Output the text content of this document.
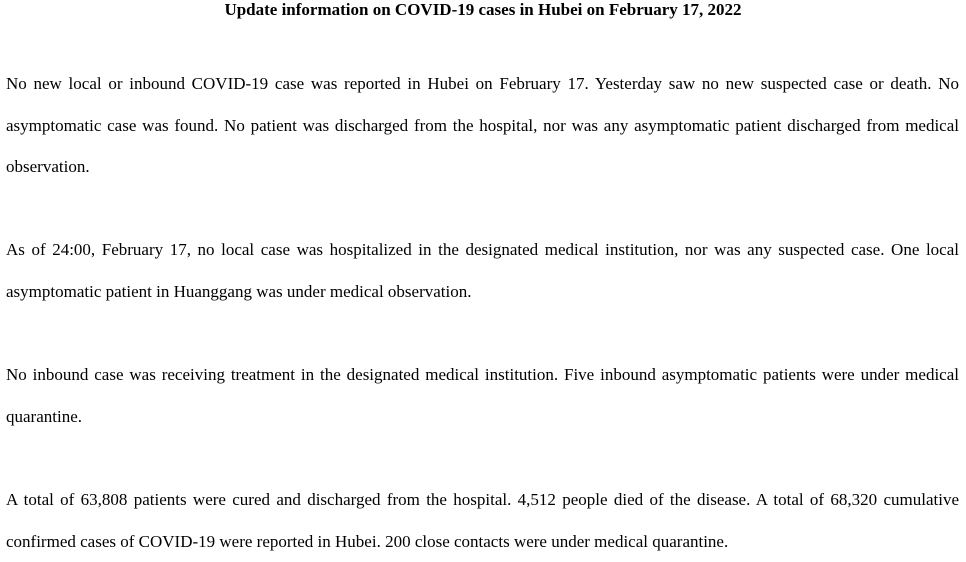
Update information on COVID-19 cases in Hubei on February 17, 2022

No new local or inbound COVID-19 case was reported in Hubei on February 17. Yesterday saw no new suspected case or death. No asymptomatic case was found. No patient was discharged from the hospital, nor was any asymptomatic patient discharged from medical observation.

As of 24:00, February 17, no local case was hospitalized in the designated medical institution, nor was any suspected case. One local asymptomatic patient in Huanggang was under medical observation.

No inbound case was receiving treatment in the designated medical institution. Five inbound asymptomatic patients were under medical quarantine.

A total of 63,808 patients were cured and discharged from the hospital. 4,512 people died of the disease. A total of 68,320 cumulative confirmed cases of COVID-19 were reported in Hubei. 200 close contacts were under medical quarantine.
